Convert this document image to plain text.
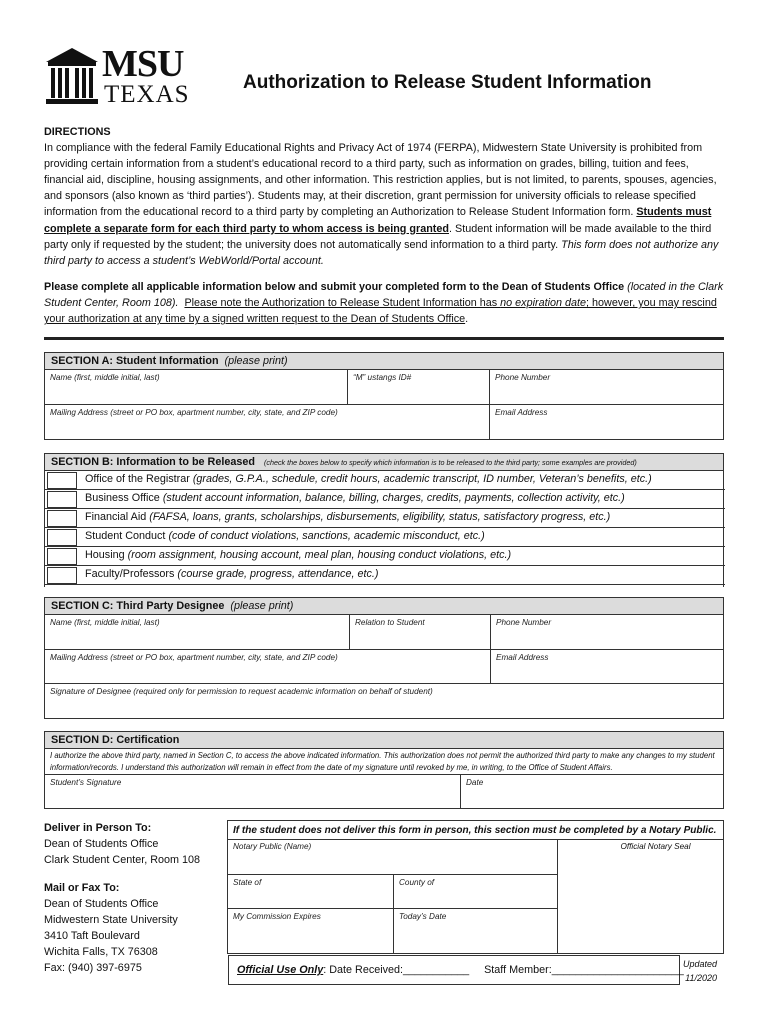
MSU
TEXAS	Authorization to Release Student Information
DIRECTIONS
In compliance with the federal Family Educational Rights and Privacy Act of 1974 (FERPA), Midwestern State University is prohibited from providing certain information from a student’s educational record to a third party, such as information on grades, billing, tuition and fees, financial aid, discipline, housing assignments, and other information. This restriction applies, but is not limited, to parents, spouses, agencies, and sponsors (also known as ‘third parties’). Students may, at their discretion, grant permission for university officials to release specified information from the educational record to a third party by completing an Authorization to Release Student Information form. Students must complete a separate form for each third party to whom access is being granted. Student information will be made available to the third party only if requested by the student; the university does not automatically send information to a third party. This form does not authorize any third party to access a student’s WebWorld/Portal account.
Please complete all applicable information below and submit your completed form to the Dean of Students Office (located in the Clark Student Center, Room 108). Please note the Authorization to Release Student Information has no expiration date; however, you may rescind your authorization at any time by a signed written request to the Dean of Students Office.
SECTION A: Student Information (please print)
Name (first, middle initial, last)	“M” ustangs ID#	Phone Number
Mailing Address (street or PO box, apartment number, city, state, and ZIP code)	Email Address
SECTION B: Information to be Released (check the boxes below to specify which information is to be released to the third party; some examples are provided)
Office of the Registrar (grades, G.P.A., schedule, credit hours, academic transcript, ID number, Veteran’s benefits, etc.)
Business Office (student account information, balance, billing, charges, credits, payments, collection activity, etc.)
Financial Aid (FAFSA, loans, grants, scholarships, disbursements, eligibility, status, satisfactory progress, etc.)
Student Conduct (code of conduct violations, sanctions, academic misconduct, etc.)
Housing (room assignment, housing account, meal plan, housing conduct violations, etc.)
Faculty/Professors (course grade, progress, attendance, etc.)
SECTION C: Third Party Designee (please print)
Name (first, middle initial, last)	Relation to Student	Phone Number
Mailing Address (street or PO box, apartment number, city, state, and ZIP code)	Email Address
Signature of Designee (required only for permission to request academic information on behalf of student)
SECTION D: Certification
I authorize the above third party, named in Section C, to access the above indicated information. This authorization does not permit the authorized third party to make any changes to my student information/records. I understand this authorization will remain in effect from the date of my signature until revoked by me, in writing, to the Office of Student Affairs.
Student’s Signature	Date
Deliver in Person To:
Dean of Students Office
Clark Student Center, Room 108
Mail or Fax To:
Dean of Students Office
Midwestern State University
3410 Taft Boulevard
Wichita Falls, TX 76308
Fax: (940) 397-6975
If the student does not deliver this form in person, this section must be completed by a Notary Public.
Notary Public (Name)	Official Notary Seal
State of	County of
My Commission Expires	Today’s Date
Official Use Only: Date Received:___________ Staff Member:______________________ Updated
11/2020
